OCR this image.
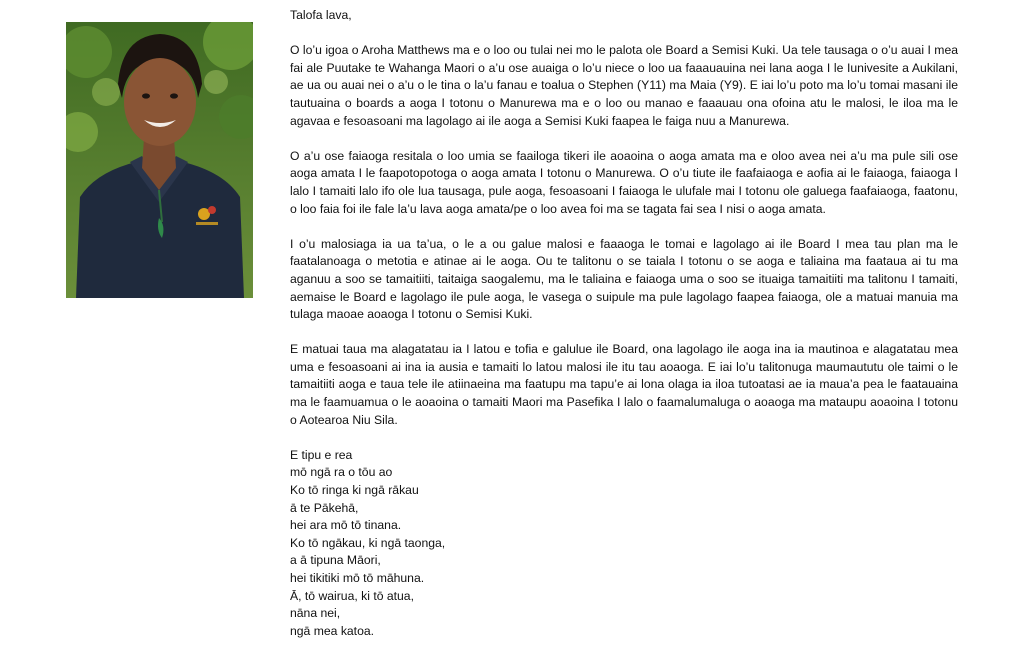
Talofa lava,

O lo’u igoa o Aroha Matthews ma e o loo ou tulai nei mo le palota ole Board a Semisi Kuki. Ua tele tausaga o o’u auai I mea fai ale Puutake te Wahanga Maori o a’u ose auaiga o lo’u niece o loo ua faaauauina nei lana aoga I le Iunivesite a Aukilani, ae ua ou auai nei o a’u o le tina o la’u fanau e toalua o Stephen (Y11) ma Maia (Y9). E iai lo’u poto ma lo’u tomai masani ile tautuaina o boards a aoga I totonu o Manurewa ma e o loo ou manao e faaauau ona ofoina atu le malosi, le iloa ma le agavaa e fesoasoani ma lagolago ai ile aoga a Semisi Kuki faapea le faiga nuu a Manurewa.

O a’u ose faiaoga resitala o loo umia se faailoga tikeri ile aoaoina o aoga amata ma e oloo avea nei a’u ma pule sili ose aoga amata I le faapotopotoga o aoga amata I totonu o Manurewa. O o’u tiute ile faafaiaoga e aofia ai le faiaoga, faiaoga I lalo I tamaiti lalo ifo ole lua tausaga, pule aoga, fesoasoani I faiaoga le ulufale mai I totonu ole galuega faafaiaoga, faatonu, o loo faia foi ile fale la’u lava aoga amata/pe o loo avea foi ma se tagata fai sea I nisi o aoga amata.

I o’u malosiaga ia ua ta’ua, o le a ou galue malosi e faaaoga le tomai e lagolago ai ile Board I mea tau plan ma le faatalanoaga o metotia e atinae ai le aoga. Ou te talitonu o se taiala I totonu o se aoga e taliaina ma faataua ai tu ma aganuu a soo se tamaitiiti, taitaiga saogalemu, ma le taliaina e faiaoga uma o soo se ituaiga tamaitiiti ma talitonu I tamaiti, aemaise le Board e lagolago ile pule aoga, le vasega o suipule ma pule lagolago faapea faiaoga, ole a matuai manuia ma tulaga maoae aoaoga I totonu o Semisi Kuki.

E matuai taua ma alagatatau ia I latou e tofia e galulue ile Board, ona lagolago ile aoga ina ia mautinoa e alagatatau mea uma e fesoasoani ai ina ia ausia e tamaiti lo latou malosi ile itu tau aoaoga. E iai lo’u talitonuga maumaututu ole taimi o le tamaitiiti aoga e taua tele ile atiinaeina ma faatupu ma tapu’e ai lona olaga ia iloa tutoatasi ae ia maua’a pea le faatauaina ma le faamuamua o le aoaoina o tamaiti Maori ma Pasefika I lalo o faamalumaluga o aoaoga ma mataupu aoaoina I totonu o Aotearoa Niu Sila.

E tipu e rea
mō ngā ra o tōu ao
Ko tō ringa ki ngā rākau
ā te Pākehā,
hei ara mō tō tinana.
Ko tō ngākau, ki ngā taonga,
a ā tipuna Māori,
hei tikitiki mō tō māhuna.
Ā, tō wairua, ki tō atua,
nāna nei,
ngā mea katoa.
